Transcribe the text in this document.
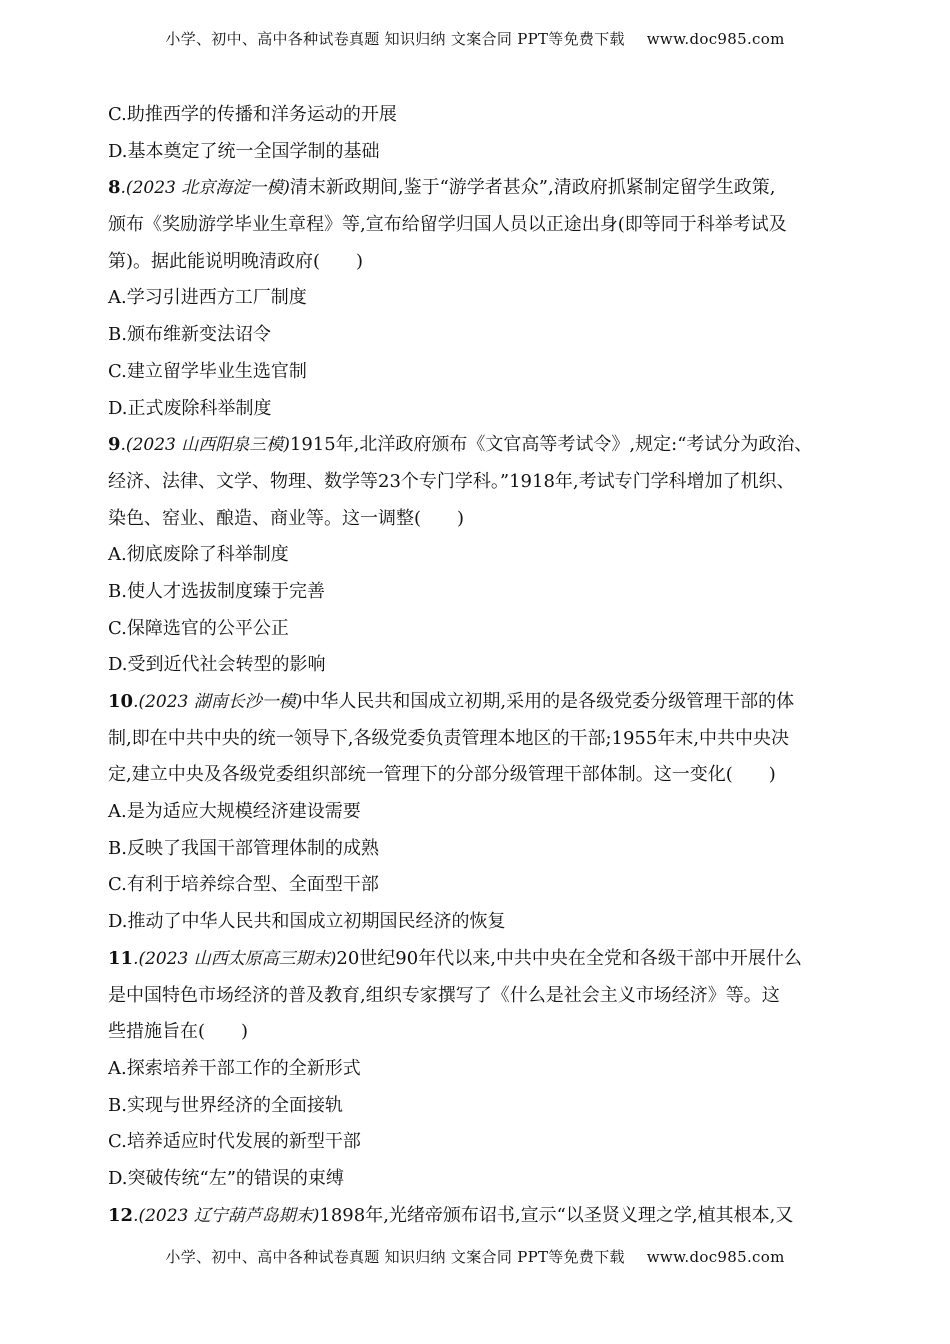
小学、初中、高中各种试卷真题 知识归纳 文案合同 PPT等免费下载 www.doc985.com
C.助推西学的传播和洋务运动的开展
D.基本奠定了统一全国学制的基础
8.(2023 北京海淀一模)清末新政期间,鉴于“游学者甚众”,清政府抓紧制定留学生政策,
颁布《奖励游学毕业生章程》等,宣布给留学归国人员以正途出身(即等同于科举考试及
第)。据此能说明晚清政府(　　)
A.学习引进西方工厂制度
B.颁布维新变法诏令
C.建立留学毕业生选官制
D.正式废除科举制度
9.(2023 山西阳泉三模)1915年,北洋政府颁布《文官高等考试令》,规定:“考试分为政治、
经济、法律、文学、物理、数学等23个专门学科。”1918年,考试专门学科增加了机织、
染色、窑业、酿造、商业等。这一调整(　　)
A.彻底废除了科举制度
B.使人才选拔制度臻于完善
C.保障选官的公平公正
D.受到近代社会转型的影响
10.(2023 湖南长沙一模)中华人民共和国成立初期,采用的是各级党委分级管理干部的体
制,即在中共中央的统一领导下,各级党委负责管理本地区的干部;1955年末,中共中央决
定,建立中央及各级党委组织部统一管理下的分部分级管理干部体制。这一变化(　　)
A.是为适应大规模经济建设需要
B.反映了我国干部管理体制的成熟
C.有利于培养综合型、全面型干部
D.推动了中华人民共和国成立初期国民经济的恢复
11.(2023 山西太原高三期末)20世纪90年代以来,中共中央在全党和各级干部中开展什么
是中国特色市场经济的普及教育,组织专家撰写了《什么是社会主义市场经济》等。这
些措施旨在(　　)
A.探索培养干部工作的全新形式
B.实现与世界经济的全面接轨
C.培养适应时代发展的新型干部
D.突破传统“左”的错误的束缚
12.(2023 辽宁葫芦岛期末)1898年,光绪帝颁布诏书,宣示“以圣贤义理之学,植其根本,又
小学、初中、高中各种试卷真题 知识归纳 文案合同 PPT等免费下载 www.doc985.com
